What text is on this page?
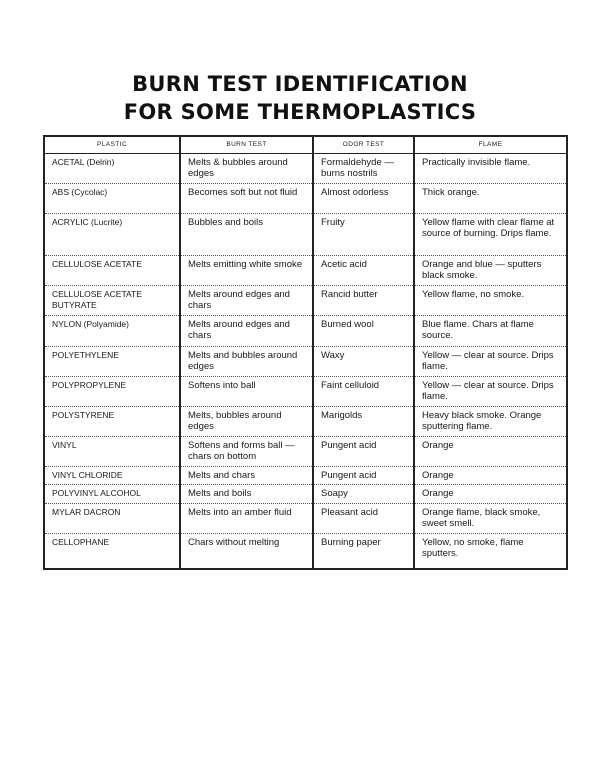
BURN TEST IDENTIFICATION
FOR SOME THERMOPLASTICS
PLASTIC	BURN TEST	ODOR TEST	FLAME
ACETAL (Delrin)	Melts & bubbles around edges	Formaldehyde — burns nostrils	Practically invisible flame.
ABS (Cycolac)	Becomes soft but not fluid	Almost odorless	Thick orange.
ACRYLIC (Lucrite)	Bubbles and boils	Fruity	Yellow flame with clear flame at source of burning. Drips flame.
CELLULOSE ACETATE	Melts emitting white smoke	Acetic acid	Orange and blue — sputters black smoke.
CELLULOSE ACETATE BUTYRATE	Melts around edges and chars	Rancid butter	Yellow flame, no smoke.
NYLON (Polyamide)	Melts around edges and chars	Burned wool	Blue flame. Chars at flame source.
POLYETHYLENE	Melts and bubbles around edges	Waxy	Yellow — clear at source. Drips flame.
POLYPROPYLENE	Softens into ball	Faint celluloid	Yellow — clear at source. Drips flame.
POLYSTYRENE	Melts, bubbles around edges	Marigolds	Heavy black smoke. Orange sputtering flame.
VINYL	Softens and forms ball — chars on bottom	Pungent acid	Orange
VINYL CHLORIDE	Melts and chars	Pungent acid	Orange
POLYVINYL ALCOHOL	Melts and boils	Soapy	Orange
MYLAR DACRON	Melts into an amber fluid	Pleasant acid	Orange flame, black smoke, sweet smell.
CELLOPHANE	Chars without melting	Burning paper	Yellow, no smoke, flame sputters.
